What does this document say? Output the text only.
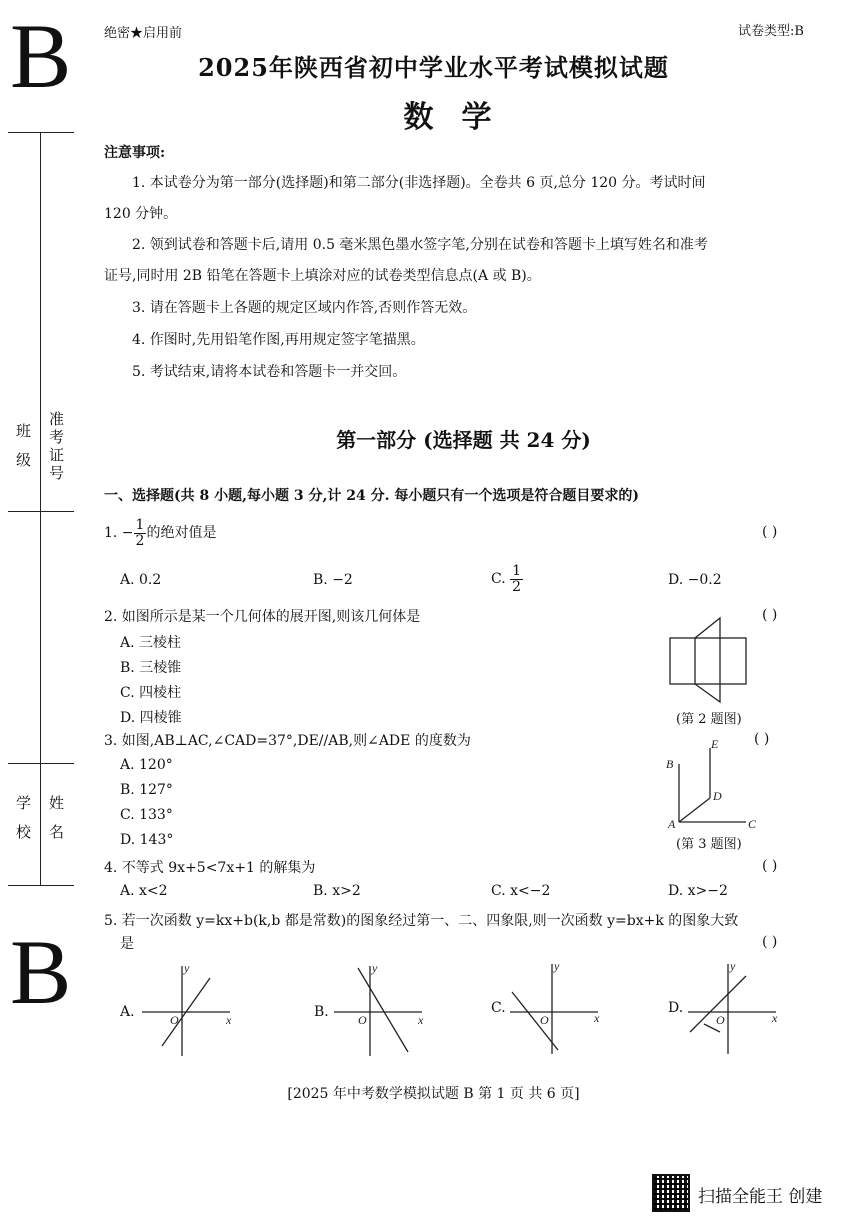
B	绝密★启用前	试卷类型:B
2025年陕西省初中学业水平考试模拟试题
数学
班级 准考证号
学校 姓名
B
注意事项:
1. 本试卷分为第一部分(选择题)和第二部分(非选择题)。全卷共 6 页,总分 120 分。考试时间
120 分钟。
2. 领到试卷和答题卡后,请用 0.5 毫米黑色墨水签字笔,分别在试卷和答题卡上填写姓名和准考
证号,同时用 2B 铅笔在答题卡上填涂对应的试卷类型信息点(A 或 B)。
3. 请在答题卡上各题的规定区域内作答,否则作答无效。
4. 作图时,先用铅笔作图,再用规定签字笔描黑。
5. 考试结束,请将本试卷和答题卡一并交回。
第一部分 (选择题 共 24 分)
一、选择题(共 8 小题,每小题 3 分,计 24 分. 每小题只有一个选项是符合题目要求的)
1. − $\frac{1}{2}$ 的绝对值是	( )
A. 0.2	B. −2	C. $\frac{1}{2}$	D. −0.2
2. 如图所示是某一个几何体的展开图,则该几何体是	( )
A. 三棱柱
B. 三棱锥
C. 四棱柱
D. 四棱锥	(第 2 题图)
3. 如图,AB⊥AC,∠CAD=37°,DE//AB,则∠ADE 的度数为	( )
A. 120°
B. 127°
C. 133°
D. 143°
B
E
D
A	C
(第 3 题图)
4. 不等式 9x+5<7x+1 的解集为	( )
A. x<2	B. x>2	C. x<−2	D. x>−2
5. 若一次函数 y=kx+b(k,b 都是常数)的图象经过第一、二、四象限,则一次函数 y=bx+k 的图象大致
是	( )
A.
y
x
O	B.
y
x
O
C.
y
x
O
D.
y
x
O
[2025 年中考数学模拟试题 B 第 1 页 共 6 页]
扫描全能王 创建
